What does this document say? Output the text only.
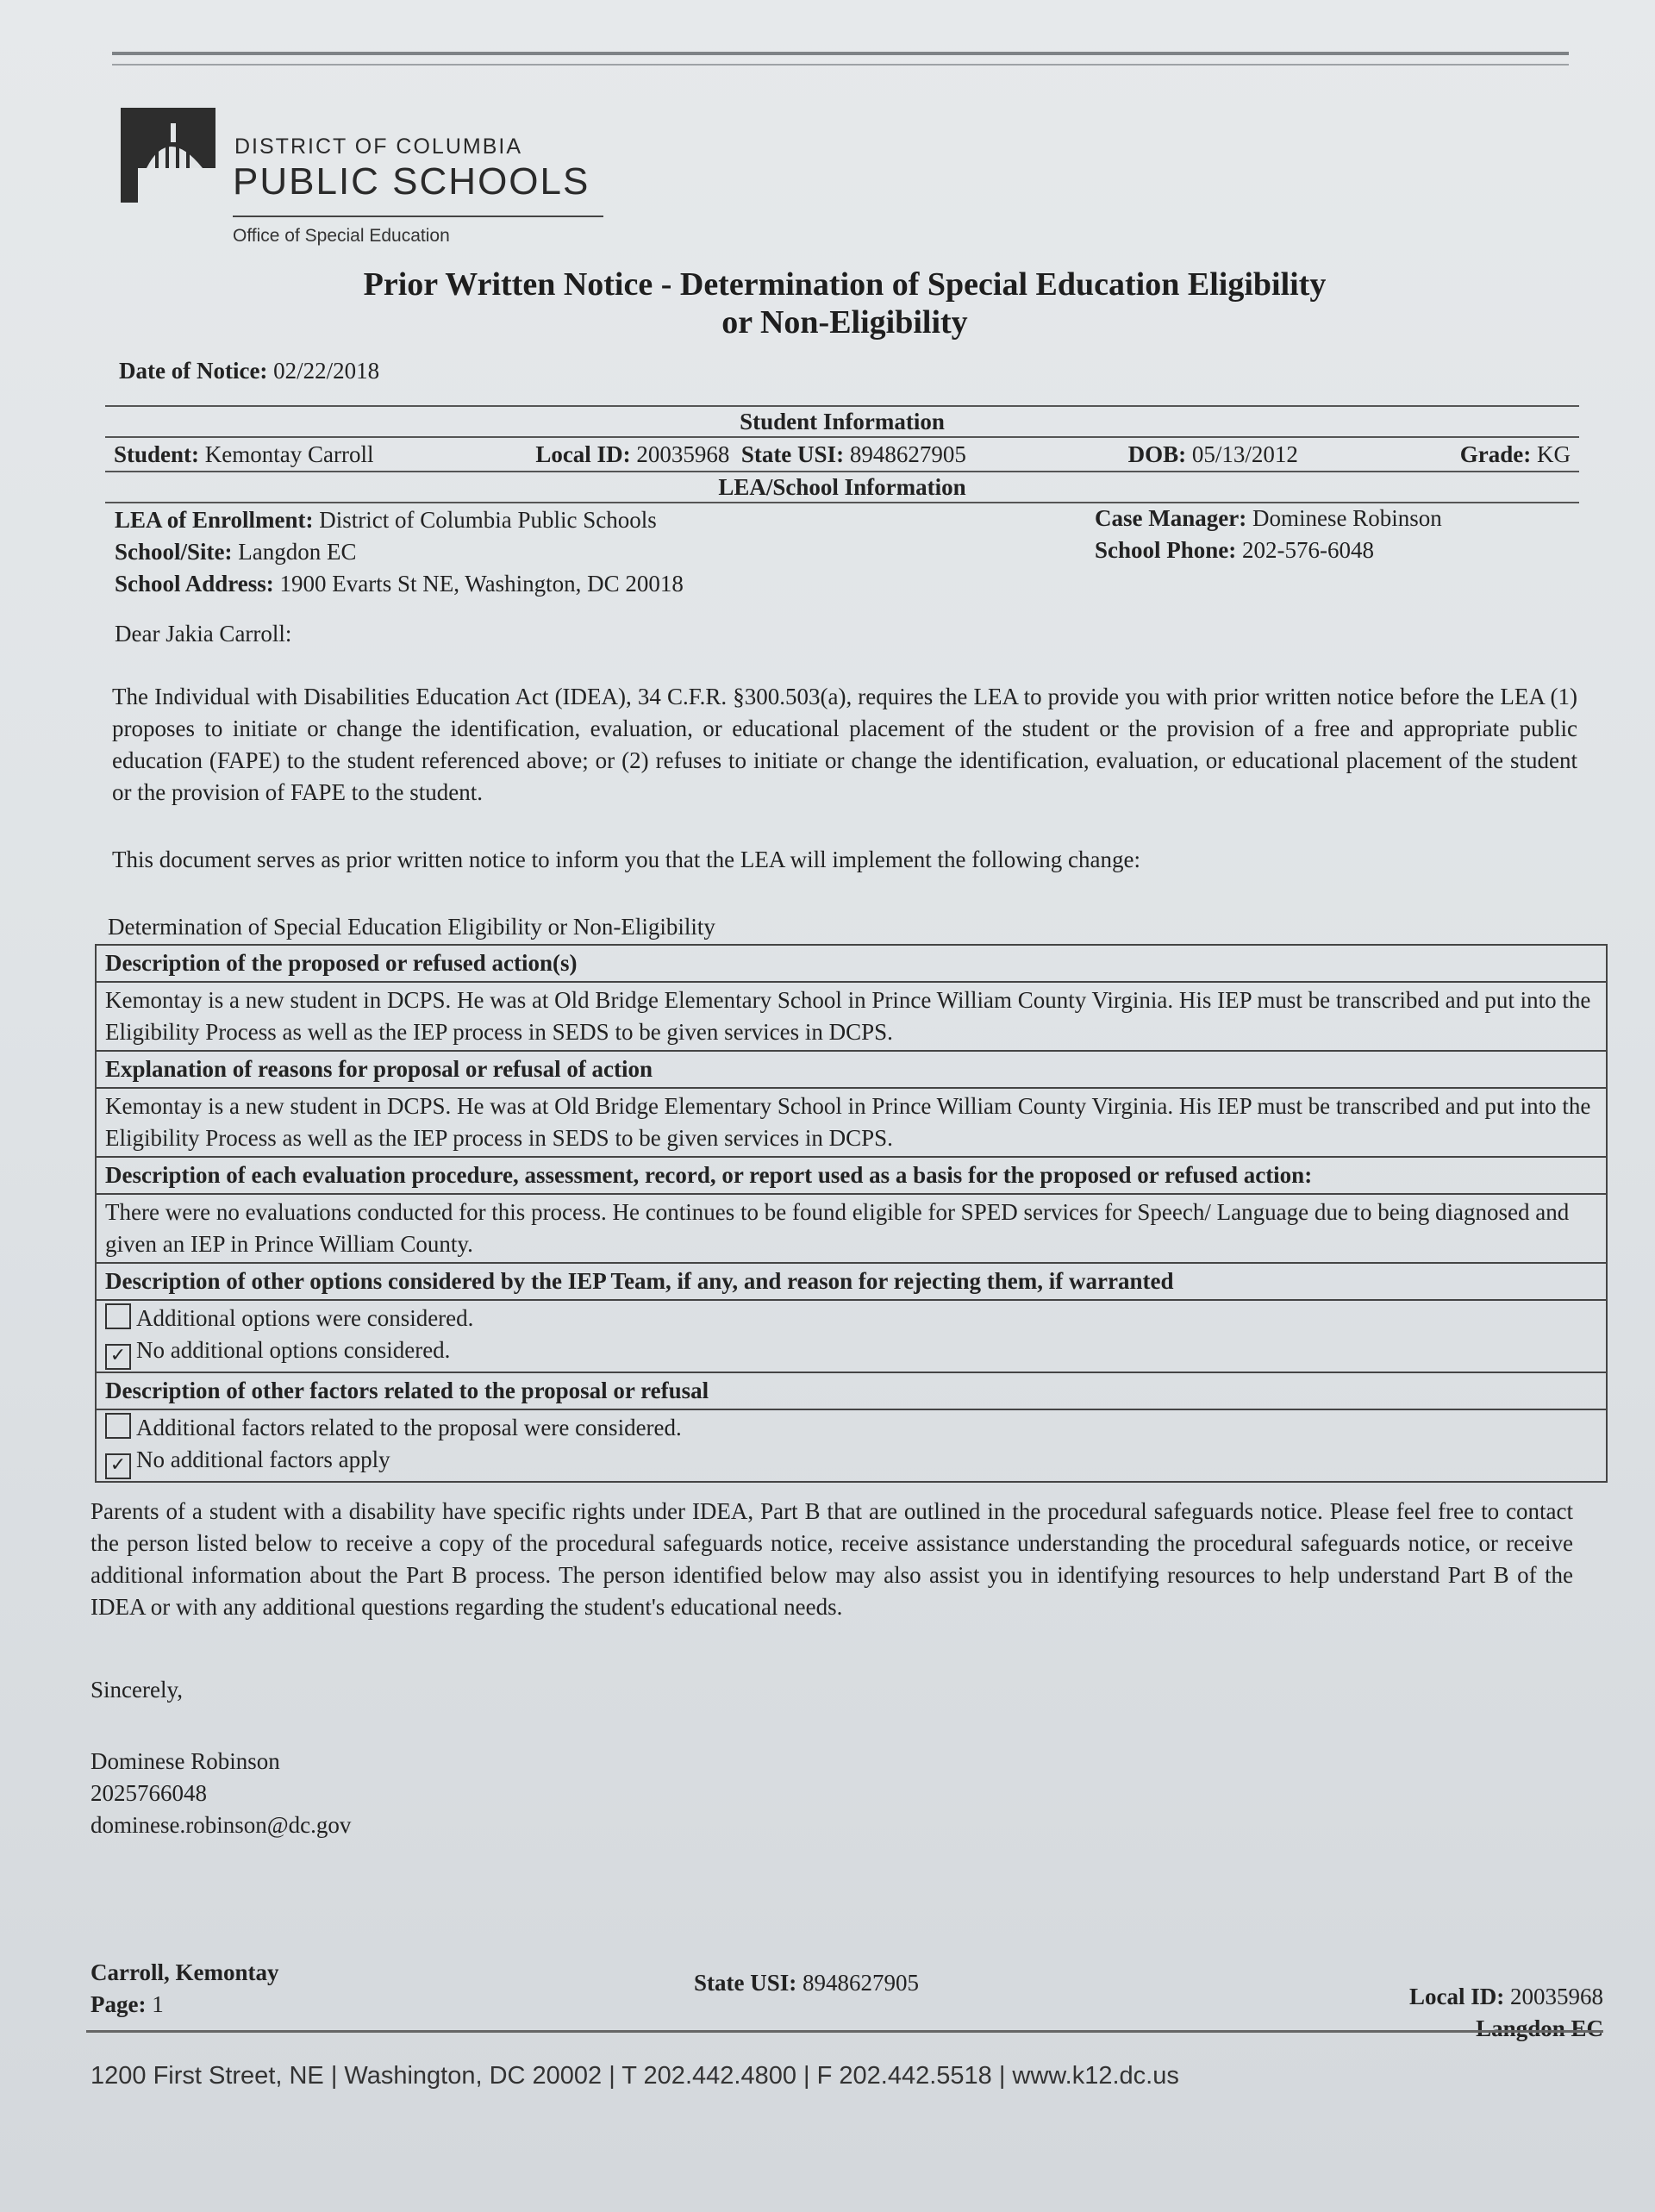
DISTRICT OF COLUMBIA
PUBLIC SCHOOLS
Office of Special Education
Prior Written Notice - Determination of Special Education Eligibility
or Non-Eligibility
Date of Notice: 02/22/2018
Student Information
Student: Kemontay Carroll	Local ID: 20035968 State USI: 8948627905	DOB: 05/13/2012	Grade: KG
LEA/School Information
LEA of Enrollment: District of Columbia Public Schools
School/Site: Langdon EC
School Address: 1900 Evarts St NE, Washington, DC 20018
Case Manager: Dominese Robinson
School Phone: 202-576-6048
Dear Jakia Carroll:
The Individual with Disabilities Education Act (IDEA), 34 C.F.R. §300.503(a), requires the LEA to provide you with prior written notice before the LEA (1) proposes to initiate or change the identification, evaluation, or educational placement of the student or the provision of a free and appropriate public education (FAPE) to the student referenced above; or (2) refuses to initiate or change the identification, evaluation, or educational placement of the student or the provision of FAPE to the student.
This document serves as prior written notice to inform you that the LEA will implement the following change:
Determination of Special Education Eligibility or Non-Eligibility
Description of the proposed or refused action(s)
Kemontay is a new student in DCPS. He was at Old Bridge Elementary School in Prince William County Virginia. His IEP must be transcribed and put into the Eligibility Process as well as the IEP process in SEDS to be given services in DCPS.
Explanation of reasons for proposal or refusal of action
Kemontay is a new student in DCPS. He was at Old Bridge Elementary School in Prince William County Virginia. His IEP must be transcribed and put into the Eligibility Process as well as the IEP process in SEDS to be given services in DCPS.
Description of each evaluation procedure, assessment, record, or report used as a basis for the proposed or refused action:
There were no evaluations conducted for this process. He continues to be found eligible for SPED services for Speech/ Language due to being diagnosed and given an IEP in Prince William County.
Description of other options considered by the IEP Team, if any, and reason for rejecting them, if warranted

Additional options were considered.
✓ No additional options considered.

Description of other factors related to the proposal or refusal

Additional factors related to the proposal were considered.
✓ No additional factors apply
Parents of a student with a disability have specific rights under IDEA, Part B that are outlined in the procedural safeguards notice. Please feel free to contact the person listed below to receive a copy of the procedural safeguards notice, receive assistance understanding the procedural safeguards notice, or receive additional information about the Part B process. The person identified below may also assist you in identifying resources to help understand Part B of the IDEA or with any additional questions regarding the student's educational needs.
Sincerely,
Dominese Robinson
2025766048
dominese.robinson@dc.gov
Carroll, Kemontay
Page: 1
State USI: 8948627905
Local ID: 20035968
Langdon EC
1200 First Street, NE | Washington, DC 20002 | T 202.442.4800 | F 202.442.5518 | www.k12.dc.us
